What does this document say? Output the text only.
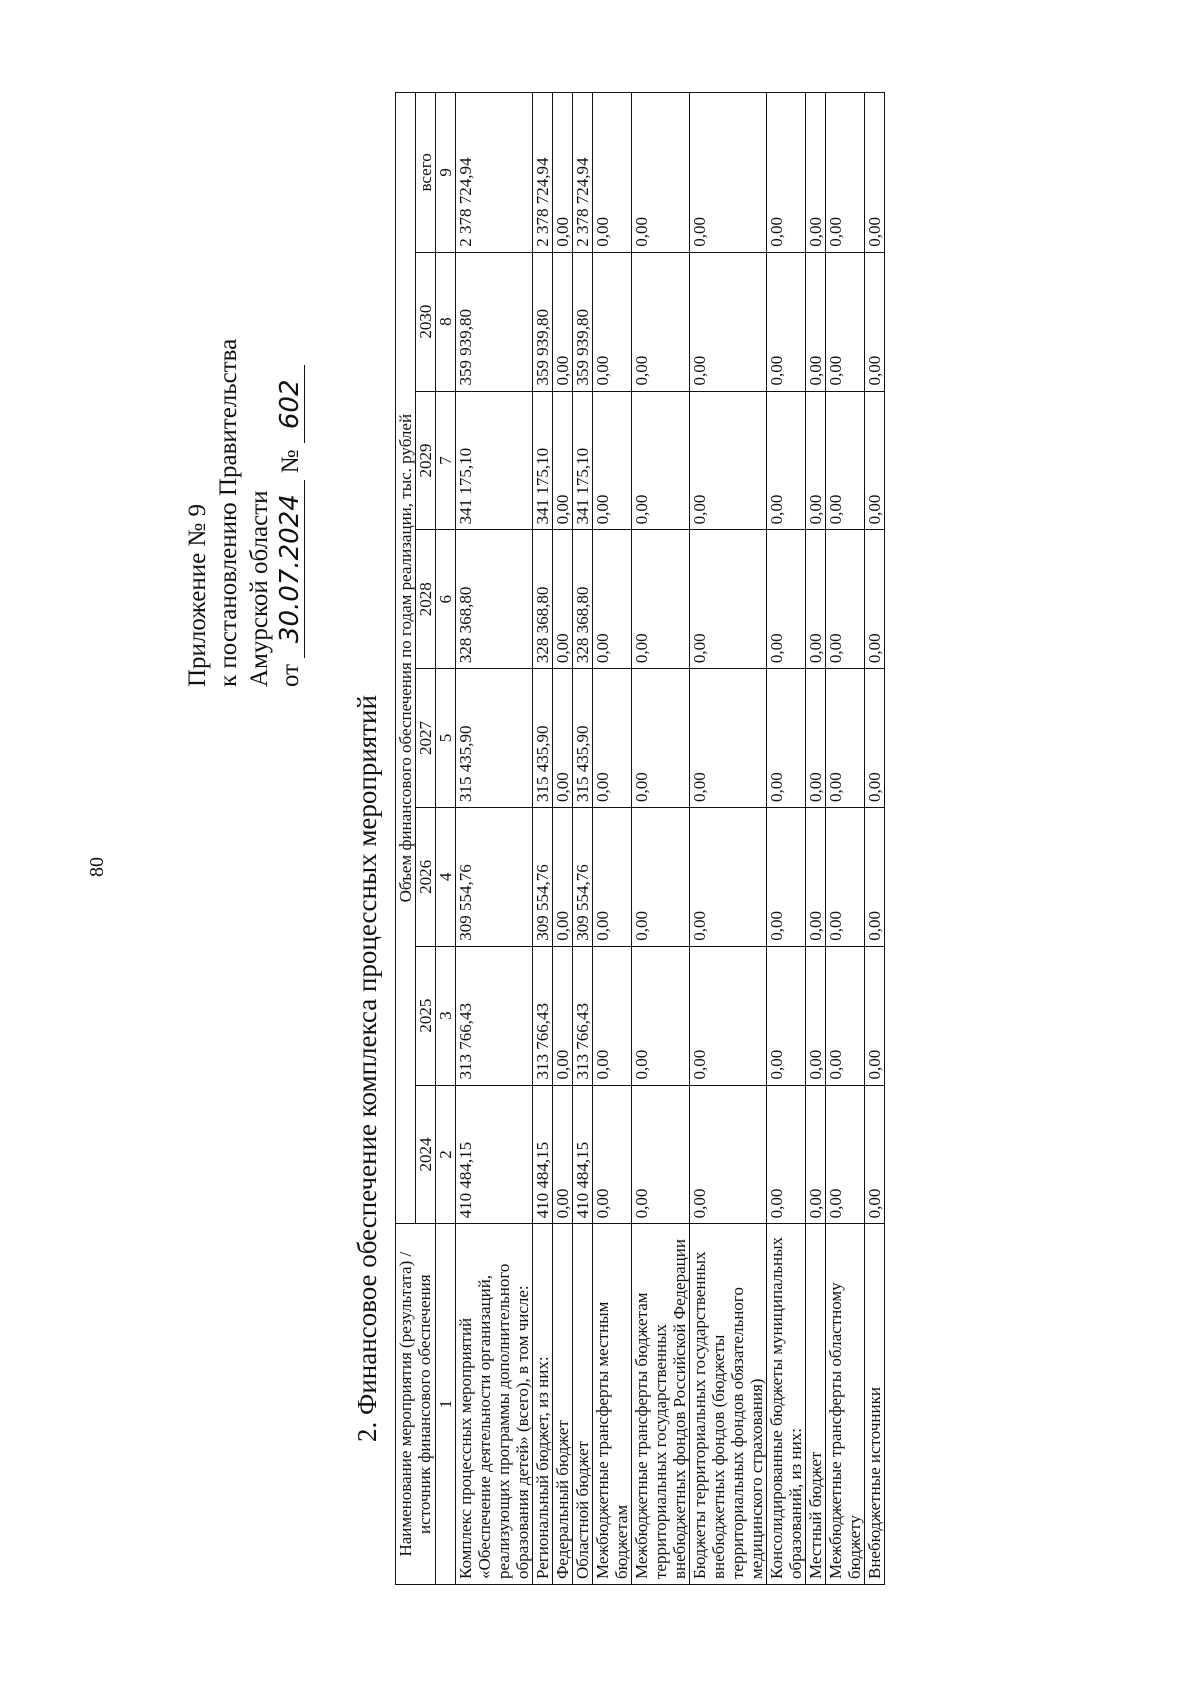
80
Приложение № 9 к постановлению Правительства Амурской области от 30.07.2024 № 602
2. Финансовое обеспечение комплекса процессных мероприятий Наименование мероприятия (результата) / источник финансового обеспечения	Объем финансового обеспечения по годам реализации, тыс. рублей							
	2024	2025	2026	2027	2028	2029	2030	всего
1	2	3	4	5	6	7	8	9
Комплекс процессных мероприятий «Обеспечение деятельности организаций, реализующих программы дополнительного образования детей» (всего), в том числе:	410 484,15	313 766,43	309 554,76	315 435,90	328 368,80	341 175,10	359 939,80	2 378 724,94
Региональный бюджет, из них:	410 484,15	313 766,43	309 554,76	315 435,90	328 368,80	341 175,10	359 939,80	2 378 724,94
Федеральный бюджет	0,00	0,00	0,00	0,00	0,00	0,00	0,00	0,00
Областной бюджет	410 484,15	313 766,43	309 554,76	315 435,90	328 368,80	341 175,10	359 939,80	2 378 724,94
Межбюджетные трансферты местным бюджетам	0,00	0,00	0,00	0,00	0,00	0,00	0,00	0,00
Межбюджетные трансферты бюджетам территориальных государственных внебюджетных фондов Российской Федерации	0,00	0,00	0,00	0,00	0,00	0,00	0,00	0,00
Бюджеты территориальных государственных внебюджетных фондов (бюджеты территориальных фондов обязательного медицинского страхования)	0,00	0,00	0,00	0,00	0,00	0,00	0,00	0,00
Консолидированные бюджеты муниципальных образований, из них:	0,00	0,00	0,00	0,00	0,00	0,00	0,00	0,00
Местный бюджет	0,00	0,00	0,00	0,00	0,00	0,00	0,00	0,00
Межбюджетные трансферты областному бюджету	0,00	0,00	0,00	0,00	0,00	0,00	0,00	0,00
Внебюджетные источники	0,00	0,00	0,00	0,00	0,00	0,00	0,00	0,00
